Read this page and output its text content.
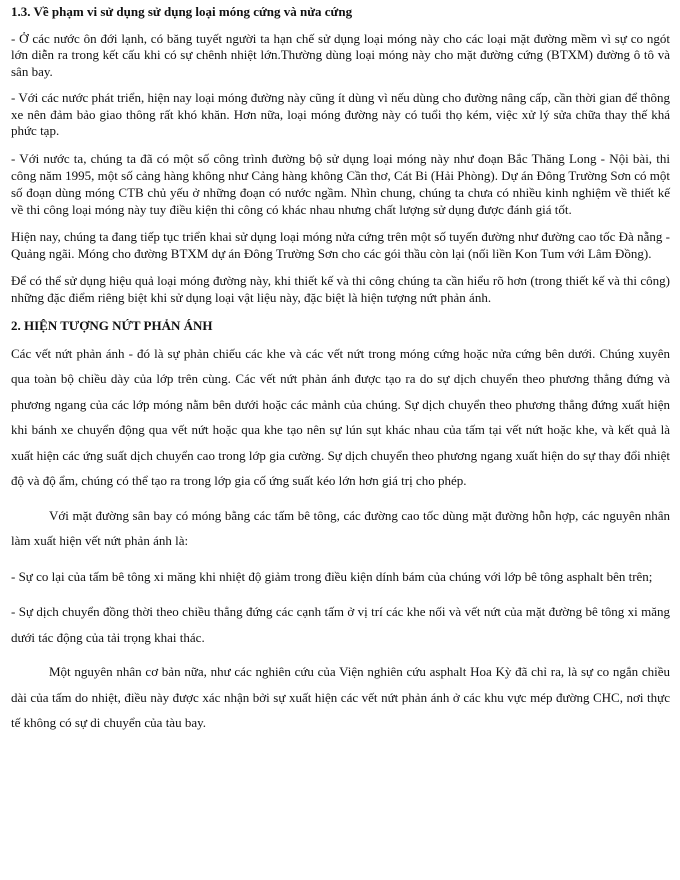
1.3. Về phạm vi sử dụng sử dụng loại móng cứng và nửa cứng

- Ở các nước ôn đới lạnh, có băng tuyết người ta hạn chế sử dụng loại móng này cho các loại mặt đường mềm vì sự co ngót lớn diễn ra trong kết cấu khi có sự chênh nhiệt lớn.Thường dùng loại móng này cho mặt đường cứng (BTXM) đường ô tô và sân bay.

- Với các nước phát triển, hiện nay loại móng đường này cũng ít dùng vì nếu dùng cho đường nâng cấp, cần thời gian để thông xe nên đảm bảo giao thông rất khó khăn. Hơn nữa, loại móng đường này có tuổi thọ kém, việc xử lý sửa chữa thay thế khá phức tạp.

- Với nước ta, chúng ta đã có một số công trình đường bộ sử dụng loại móng này như đoạn Bắc Thăng Long - Nội bài, thi công năm 1995, một số cảng hàng không như Cảng hàng không Cần thơ, Cát Bi (Hải Phòng). Dự án Đông Trường Sơn có một số đoạn dùng móng CTB chủ yếu ở những đoạn có nước ngầm. Nhìn chung, chúng ta chưa có nhiều kinh nghiệm về thiết kế về thi công loại móng này tuy điều kiện thi công có khác nhau nhưng chất lượng sử dụng được đánh giá tốt.

Hiện nay, chúng ta đang tiếp tục triển khai sử dụng loại móng nửa cứng trên một số tuyến đường như đường cao tốc Đà nẵng - Quảng ngãi. Móng cho đường BTXM dự án Đông Trường Sơn cho các gói thầu còn lại (nối liền Kon Tum với Lâm Đồng).

Để có thể sử dụng hiệu quả loại móng đường này, khi thiết kế và thi công chúng ta cần hiểu rõ hơn (trong thiết kế và thi công) những đặc điểm riêng biệt khi sử dụng loại vật liệu này, đặc biệt là hiện tượng nứt phản ánh.

2. HIỆN TƯỢNG NỨT PHẢN ÁNH

Các vết nứt phản ánh - đó là sự phản chiếu các khe và các vết nứt trong móng cứng hoặc nửa cứng bên dưới. Chúng xuyên qua toàn bộ chiều dày của lớp trên cùng. Các vết nứt phản ánh được tạo ra do sự dịch chuyển theo phương thẳng đứng và phương ngang của các lớp móng nằm bên dưới hoặc các mảnh của chúng. Sự dịch chuyển theo phương thẳng đứng xuất hiện khi bánh xe chuyển động qua vết nứt hoặc qua khe tạo nên sự lún sụt khác nhau của tấm tại vết nứt hoặc khe, và kết quả là xuất hiện các ứng suất dịch chuyển cao trong lớp gia cường. Sự dịch chuyển theo phương ngang xuất hiện do sự thay đổi nhiệt độ và độ ẩm, chúng có thể tạo ra trong lớp gia cố ứng suất kéo lớn hơn giá trị cho phép.

Với mặt đường sân bay có móng bằng các tấm bê tông, các đường cao tốc dùng mặt đường hỗn hợp, các nguyên nhân làm xuất hiện vết nứt phản ánh là:

- Sự co lại của tấm bê tông xi măng khi nhiệt độ giảm trong điều kiện dính bám của chúng với lớp bê tông asphalt bên trên;

- Sự dịch chuyển đồng thời theo chiều thẳng đứng các cạnh tấm ở vị trí các khe nối và vết nứt của mặt đường bê tông xi măng dưới tác động của tải trọng khai thác.

Một nguyên nhân cơ bản nữa, như các nghiên cứu của Viện nghiên cứu asphalt Hoa Kỳ đã chỉ ra, là sự co ngắn chiều dài của tấm do nhiệt, điều này được xác nhận bởi sự xuất hiện các vết nứt phản ánh ở các khu vực mép đường CHC, nơi thực tế không có sự di chuyển của tàu bay.
